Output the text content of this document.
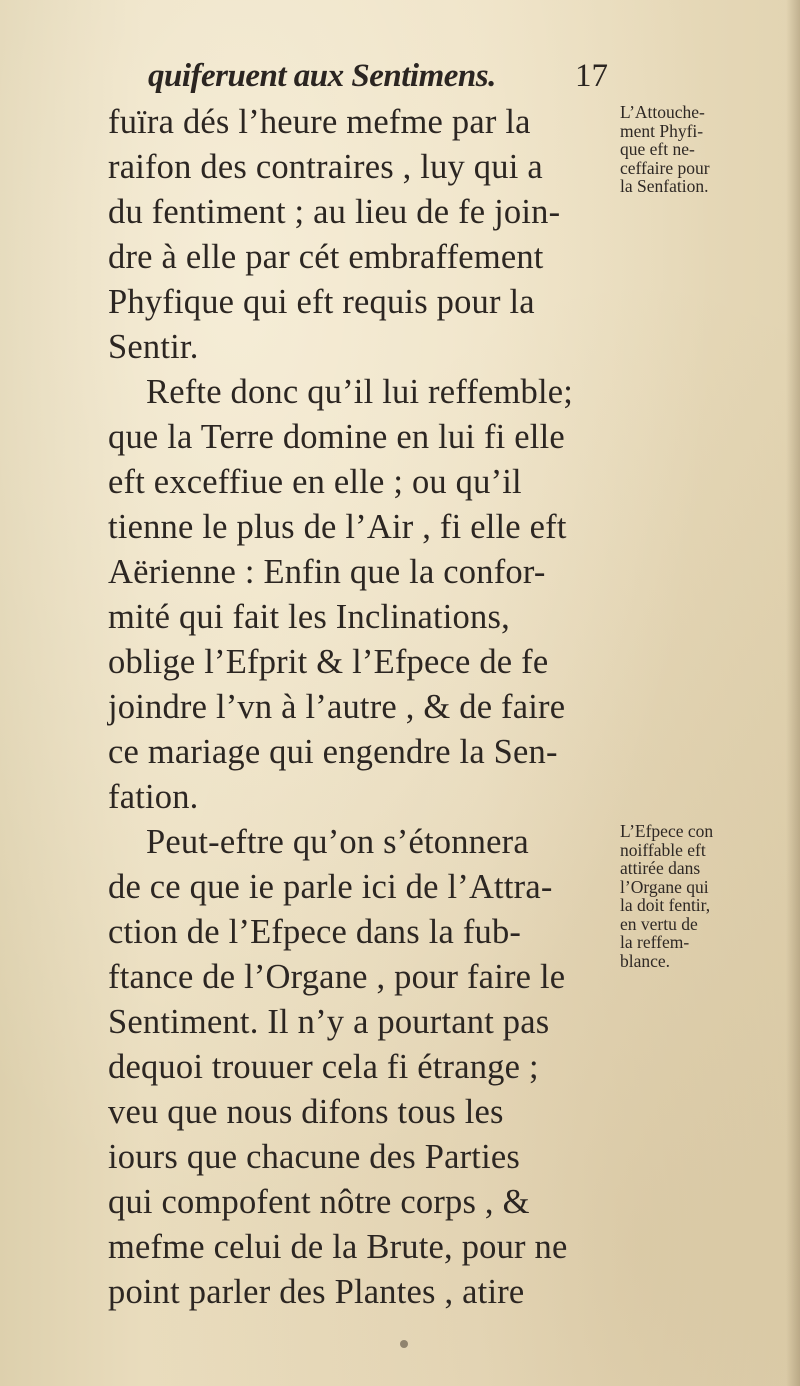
quiferuent aux Sentimens. 17
fuïra dés l’heure mefme par la
raifon des contraires , luy qui a
du fentiment ; au lieu de fe join-
dre à elle par cét embraffement
Phyfique qui eft requis pour la
Sentir.
Refte donc qu’il lui reffemble;
que la Terre domine en lui fi elle
eft exceffiue en elle ; ou qu’il
tienne le plus de l’Air , fi elle eft
Aërienne : Enfin que la confor-
mité qui fait les Inclinations,
oblige l’Efprit & l’Efpece de fe
joindre l’vn à l’autre , & de faire
ce mariage qui engendre la Sen-
fation.
Peut-eftre qu’on s’étonnera
de ce que ie parle ici de l’Attra-
ction de l’Efpece dans la fub-
ftance de l’Organe , pour faire le
Sentiment. Il n’y a pourtant pas
dequoi trouuer cela fi étrange ;
veu que nous difons tous les
iours que chacune des Parties
qui compofent nôtre corps , &
mefme celui de la Brute, pour ne
point parler des Plantes , atire
L’Attouche-
ment Phyfi-
que eft ne-
ceffaire pour
la Senfation.
L’Efpece con
noiffable eft
attirée dans
l’Organe qui
la doit fentir,
en vertu de
la reffem-
blance.
